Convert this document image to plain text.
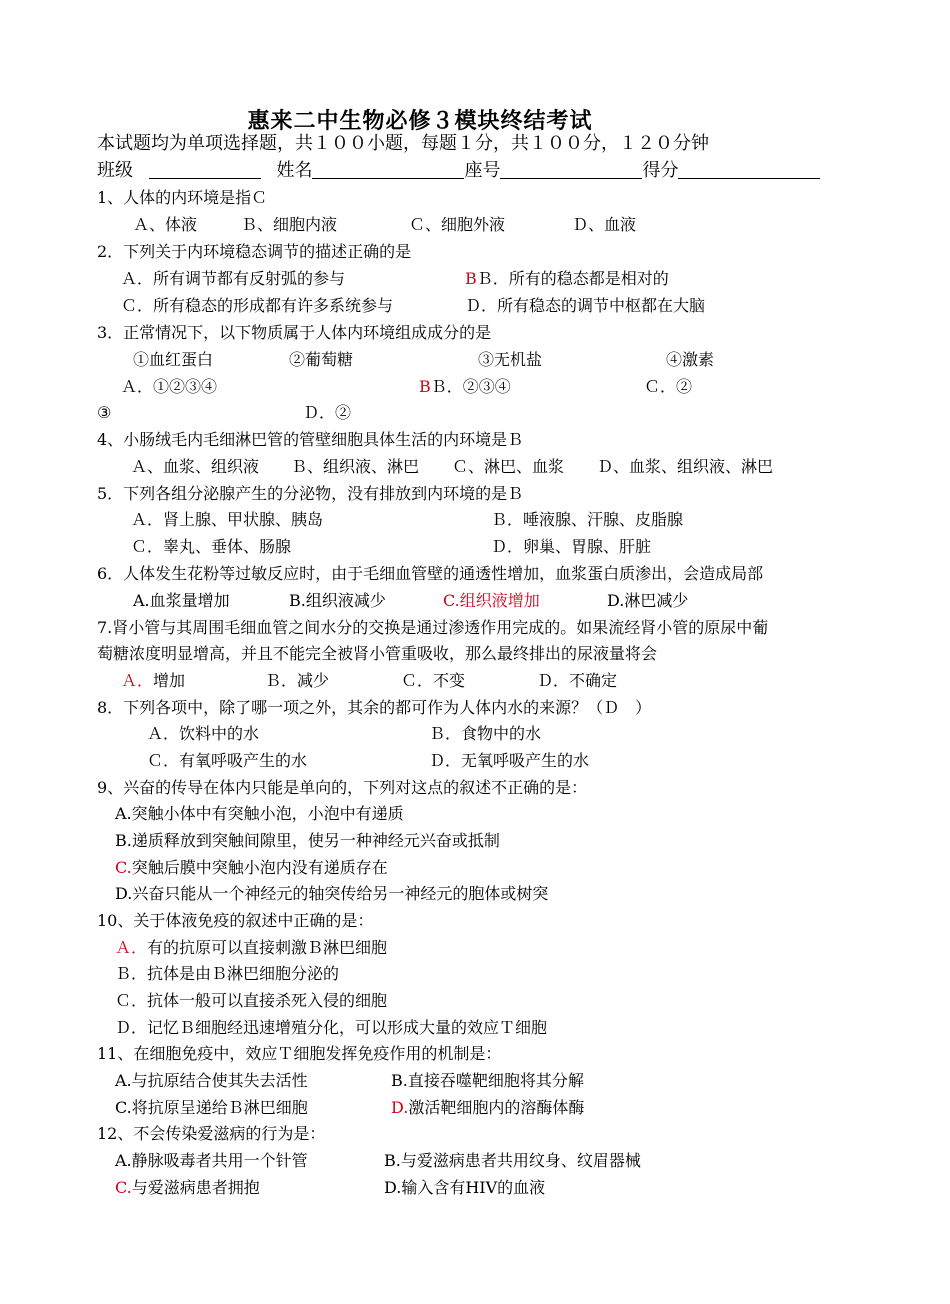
惠来二中生物必修３模块终结考试
本试题均为单项选择题，共１００小题，每题１分，共１００分，１２０分钟
班级	姓名	座号	得分
1、人体的内环境是指Ｃ
Ａ、体液	Ｂ、细胞内液	Ｃ、细胞外液	Ｄ、血液
2．下列关于内环境稳态调节的描述正确的是
Ａ．所有调节都有反射弧的参与	BＢ．所有的稳态都是相对的
Ｃ．所有稳态的形成都有许多系统参与	Ｄ．所有稳态的调节中枢都在大脑
3．正常情况下，以下物质属于人体内环境组成成分的是
①血红蛋白	②葡萄糖	③无机盐	④激素
Ａ．①②③④	BＢ．②③④	Ｃ．②
③	Ｄ．②
4、小肠绒毛内毛细淋巴管的管壁细胞具体生活的内环境是Ｂ
Ａ、血浆、组织液 Ｂ、组织液、淋巴 Ｃ、淋巴、血浆 Ｄ、血浆、组织液、淋巴
5．下列各组分泌腺产生的分泌物，没有排放到内环境的是Ｂ
Ａ．肾上腺、甲状腺、胰岛	Ｂ．唾液腺、汗腺、皮脂腺
Ｃ．睾丸、垂体、肠腺	Ｄ．卵巢、胃腺、肝脏
6．人体发生花粉等过敏反应时，由于毛细血管壁的通透性增加，血浆蛋白质渗出，会造成局部
A.血浆量增加	B.组织液减少	C.组织液增加	D.淋巴减少
7.肾小管与其周围毛细血管之间水分的交换是通过渗透作用完成的。如果流经肾小管的原尿中葡
萄糖浓度明显增高，并且不能完全被肾小管重吸收，那么最终排出的尿液量将会
Ａ．增加	Ｂ．减少	Ｃ．不变	Ｄ．不确定
8．下列各项中，除了哪一项之外，其余的都可作为人体内水的来源？（Ｄ　）
Ａ．饮料中的水	Ｂ．食物中的水
Ｃ．有氧呼吸产生的水	Ｄ．无氧呼吸产生的水
9、兴奋的传导在体内只能是单向的，下列对这点的叙述不正确的是：
A.突触小体中有突触小泡，小泡中有递质
B.递质释放到突触间隙里，使另一种神经元兴奋或抵制
C.突触后膜中突触小泡内没有递质存在
D.兴奋只能从一个神经元的轴突传给另一神经元的胞体或树突
10、关于体液免疫的叙述中正确的是：
Ａ．有的抗原可以直接刺激Ｂ淋巴细胞
Ｂ．抗体是由Ｂ淋巴细胞分泌的
Ｃ．抗体一般可以直接杀死入侵的细胞
Ｄ．记忆Ｂ细胞经迅速增殖分化，可以形成大量的效应Ｔ细胞
11、在细胞免疫中，效应Ｔ细胞发挥免疫作用的机制是：
A.与抗原结合使其失去活性	B.直接吞噬靶细胞将其分解
C.将抗原呈递给Ｂ淋巴细胞	D.激活靶细胞内的溶酶体酶
12、不会传染爱滋病的行为是：
A.静脉吸毒者共用一个针管	B.与爱滋病患者共用纹身、纹眉器械
C.与爱滋病患者拥抱	D.输入含有HIV的血液
